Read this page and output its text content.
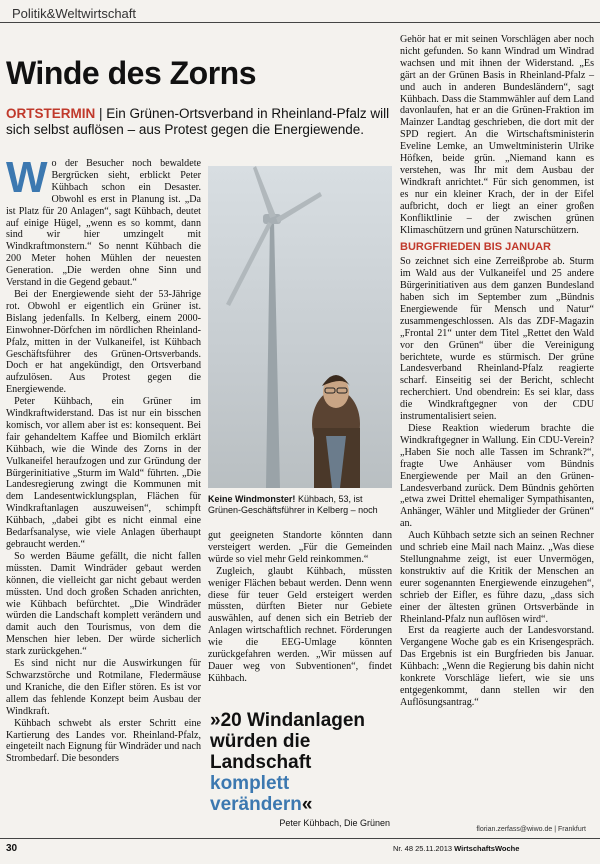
Politik&Weltwirtschaft
Winde des Zorns
ORTSTERMIN | Ein Grünen-Ortsverband in Rheinland-Pfalz will sich selbst auflösen – aus Protest gegen die Energiewende.

Wo der Besucher noch bewaldete Bergrücken sieht, erblickt Peter Kühbach schon ein Desaster. Obwohl es erst in Planung ist. „Da ist Platz für 20 Anlagen“, sagt Kühbach, deutet auf einige Hügel, „wenn es so kommt, dann sind wir hier umzingelt mit Windkraftmonstern.“ So nennt Kühbach die 200 Meter hohen Mühlen der neuesten Generation. „Die werden ohne Sinn und Verstand in die Gegend gebaut.“

Bei der Energiewende sieht der 53-Jährige rot. Obwohl er eigentlich ein Grüner ist. Bislang jedenfalls. In Kelberg, einem 2000-Einwohner-Dörfchen im nördlichen Rheinland-Pfalz, mitten in der Vulkaneifel, ist Kühbach Geschäftsführer des Grünen-Ortsverbands. Doch er hat angekündigt, den Ortsverband aufzulösen. Aus Protest gegen die Energiewende.

Peter Kühbach, ein Grüner im Windkraftwiderstand. Das ist nur ein bisschen komisch, vor allem aber ist es: konsequent. Bei fair gehandeltem Kaffee und Biomilch erklärt Kühbach, wie die Winde des Zorns in der Vulkaneifel heraufzogen und zur Gründung der Bürgerinitiative „Sturm im Wald“ führten. „Die Landesregierung zwingt die Kommunen mit dem Landesentwicklungsplan, Flächen für Windkraftanlagen auszuweisen“, schimpft Kühbach, „dabei gibt es nicht einmal eine Bedarfsanalyse, wie viele Anlagen überhaupt gebraucht werden.“

So werden Bäume gefällt, die nicht fallen müssten. Damit Windräder gebaut werden können, die vielleicht gar nicht gebaut werden müssten. Und doch großen Schaden anrichten, wie Kühbach befürchtet. „Die Windräder würden die Landschaft komplett verändern und damit auch den Tourismus, von dem die Menschen hier leben. Der würde sicherlich stark zurückgehen.“

Es sind nicht nur die Auswirkungen für Schwarzstörche und Rotmilane, Fledermäuse und Kraniche, die den Eifler stören. Es ist vor allem das fehlende Konzept beim Ausbau der Windkraft.

Kühbach schwebt als erster Schritt eine Kartierung des Landes vor. Rheinland-Pfalz, eingeteilt nach Eignung für Windräder und nach Strombedarf. Die besonders

Keine Windmonster! Kühbach, 53, ist Grünen-Geschäftsführer in Kelberg – noch

gut geeigneten Standorte könnten dann versteigert werden. „Für die Gemeinden würde so viel mehr Geld reinkommen.“

Zugleich, glaubt Kühbach, müssten weniger Flächen bebaut werden. Denn wenn diese für teuer Geld ersteigert werden müssten, dürften Bieter nur Gebiete auswählen, auf denen sich ein Betrieb der Anlagen wirtschaftlich rechnet. Förderungen wie die EEG-Umlage könnten zurückgefahren werden. „Wir müssen auf Dauer weg von Subventionen“, findet Kühbach.

»20 Windanlagen würden die Landschaft komplett verändern«
Peter Kühbach, Die Grünen

Gehör hat er mit seinen Vorschlägen aber noch nicht gefunden. So kann Windrad um Windrad wachsen und mit ihnen der Widerstand. „Es gärt an der Grünen Basis in Rheinland-Pfalz – und auch in anderen Bundesländern“, sagt Kühbach. Dass die Stammwähler auf dem Land davonlaufen, hat er an die Grünen-Fraktion im Mainzer Landtag geschrieben, die dort mit der SPD regiert. An die Wirtschaftsministerin Eveline Lemke, an Umweltministerin Ulrike Höfken, beide grün. „Niemand kann es verstehen, was Ihr mit dem Ausbau der Windkraft anrichtet.“ Für sich genommen, ist es nur ein kleiner Krach, der in der Eifel aufbricht, doch er liegt an einer großen Konfliktlinie – der zwischen grünen Klimaschützern und grünen Naturschützern.

BURGFRIEDEN BIS JANUAR

So zeichnet sich eine Zerreißprobe ab. Sturm im Wald aus der Vulkaneifel und 25 andere Bürgerinitiativen aus dem ganzen Bundesland haben sich im September zum „Bündnis Energiewende für Mensch und Natur“ zusammengeschlossen. Als das ZDF-Magazin „Frontal 21“ unter dem Titel „Rettet den Wald vor den Grünen“ über die Vereinigung berichtete, wurde es stürmisch. Der grüne Landesverband Rheinland-Pfalz reagierte scharf. Einseitig sei der Bericht, schlecht recherchiert. Und obendrein: Es sei klar, dass die Windkraftgegner von der CDU instrumentalisiert seien.

Diese Reaktion wiederum brachte die Windkraftgegner in Wallung. Ein CDU-Verein? „Haben Sie noch alle Tassen im Schrank?“, fragte Uwe Anhäuser vom Bündnis Energiewende per Mail an den Grünen-Landesverband zurück. Dem Bündnis gehörten „etwa zwei Drittel ehemaliger Sympathisanten, Anhänger, Wähler und Mitglieder der Grünen“ an.

Auch Kühbach setzte sich an seinen Rechner und schrieb eine Mail nach Mainz. „Was diese Stellungnahme zeigt, ist euer Unvermögen, konstruktiv auf die Kritik der Menschen an eurer sogenannten Energiewende einzugehen“, schrieb der Eifler, es führe dazu, „dass sich einer der ältesten grünen Ortsverbände in Rheinland-Pfalz nun auflösen wird“.

Erst da reagierte auch der Landesvorstand. Vergangene Woche gab es ein Krisengespräch. Das Ergebnis ist ein Burgfrieden bis Januar. Kühbach: „Wenn die Regierung bis dahin nicht konkrete Vorschläge liefert, wie sie uns entgegenkommt, dann stellen wir den Auflösungsantrag.“

florian.zerfass@wiwo.de | Frankfurt
30	Nr. 48 25.11.2013 WirtschaftsWoche
